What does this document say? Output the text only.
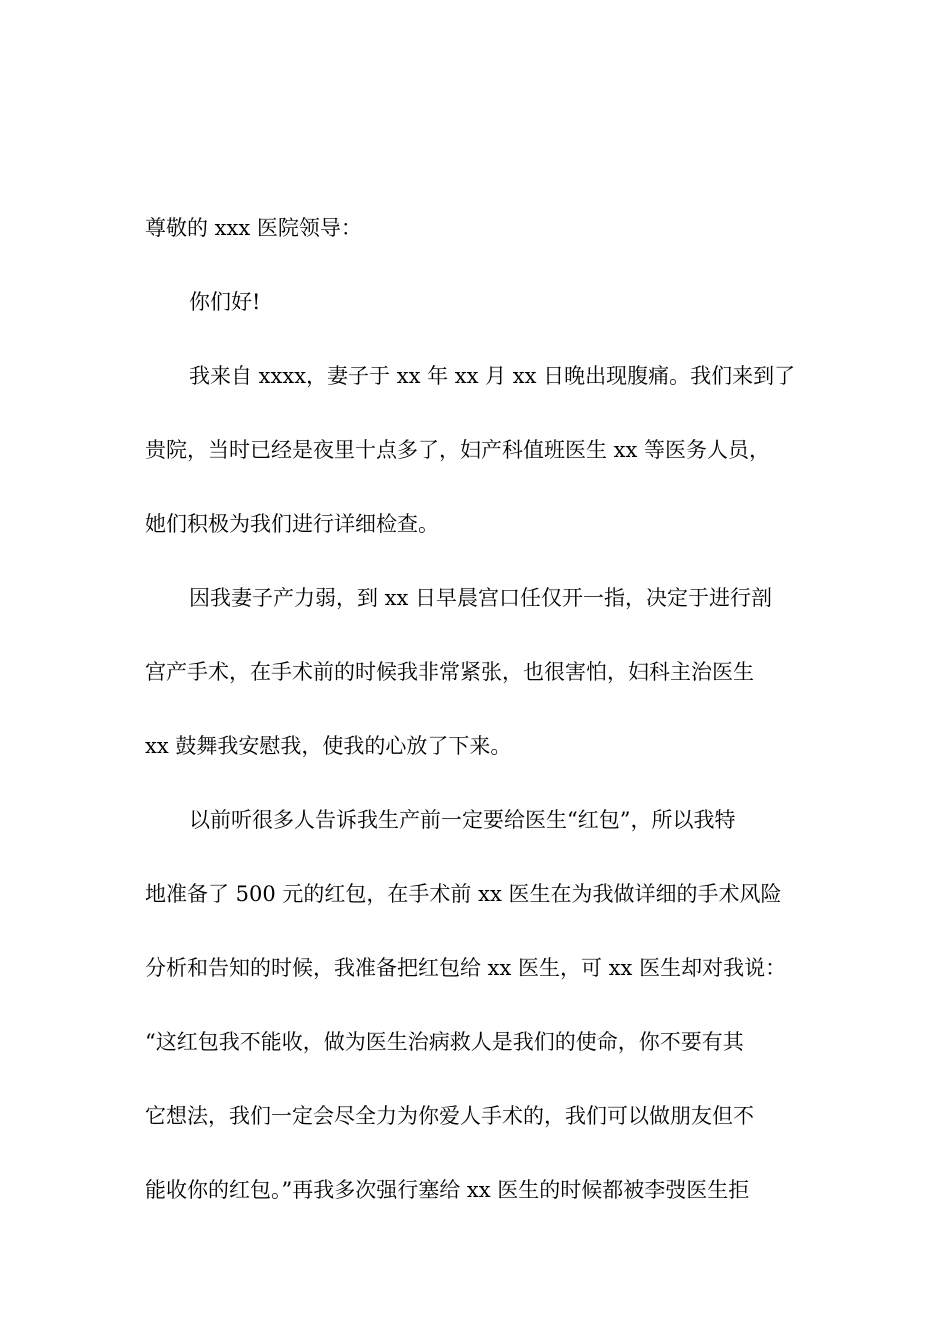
尊敬的 xxx 医院领导：
你们好!
我来自 xxxx，妻子于 xx 年 xx 月 xx 日晚出现腹痛。我们来到了
贵院，当时已经是夜里十点多了，妇产科值班医生 xx 等医务人员，
她们积极为我们进行详细检查。
因我妻子产力弱，到 xx 日早晨宫口任仅开一指，决定于进行剖
宫产手术，在手术前的时候我非常紧张，也很害怕，妇科主治医生
xx 鼓舞我安慰我，使我的心放了下来。
以前听很多人告诉我生产前一定要给医生“红包”，所以我特
地准备了 500 元的红包，在手术前 xx 医生在为我做详细的手术风险
分析和告知的时候，我准备把红包给 xx 医生，可 xx 医生却对我说：
“这红包我不能收，做为医生治病救人是我们的使命，你不要有其
它想法，我们一定会尽全力为你爱人手术的，我们可以做朋友但不
能收你的红包。”再我多次强行塞给 xx 医生的时候都被李弢医生拒
